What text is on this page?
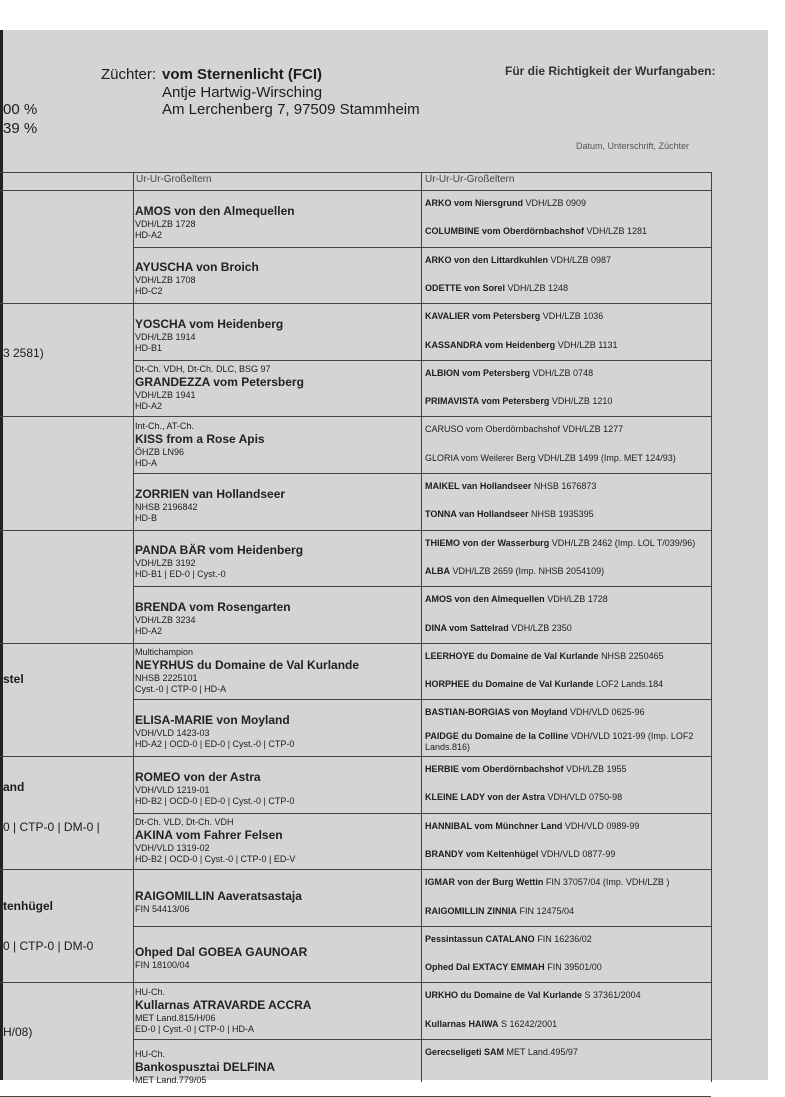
Züchter: vom Sternenlicht (FCI)
Antje Hartwig-Wirsching
Am Lerchenberg 7, 97509 Stammheim
00 %
39 %
Für die Richtigkeit der Wurfangaben:
Datum, Unterschrift, Züchter
Ur-Ur-Großeltern	Ur-Ur-Ur-Großeltern
AMOS von den Almequellen
VDH/LZB 1728
HD-A2
AYUSCHA von Broich
VDH/LZB 1708
HD-C2
YOSCHA vom Heidenberg
VDH/LZB 1914
HD-B1
Dt-Ch. VDH, Dt-Ch. DLC, BSG 97
GRANDEZZA vom Petersberg
VDH/LZB 1941
HD-A2
Int-Ch., AT-Ch.
KISS from a Rose Apis
ÖHZB LN96
HD-A
ZORRIEN van Hollandseer
NHSB 2196842
HD-B
PANDA BÄR vom Heidenberg
VDH/LZB 3192
HD-B1 | ED-0 | Cyst.-0
BRENDA vom Rosengarten
VDH/LZB 3234
HD-A2
Multichampion
NEYRHUS du Domaine de Val Kurlande
NHSB 2225101
Cyst.-0 | CTP-0 | HD-A
ELISA-MARIE von Moyland
VDH/VLD 1423-03
HD-A2 | OCD-0 | ED-0 | Cyst.-0 | CTP-0
ROMEO von der Astra
VDH/VLD 1219-01
HD-B2 | OCD-0 | ED-0 | Cyst.-0 | CTP-0
Dt-Ch. VLD, Dt-Ch. VDH
AKINA vom Fahrer Felsen
VDH/VLD 1319-02
HD-B2 | OCD-0 | Cyst.-0 | CTP-0 | ED-V
RAIGOMILLIN Aaveratsastaja
FIN 54413/06
Ohped Dal GOBEA GAUNOAR
FIN 18100/04
HU-Ch.
Kullarnas ATRAVARDE ACCRA
MET Land.815/H/06
ED-0 | Cyst.-0 | CTP-0 | HD-A
HU-Ch.
Bankospusztai DELFINA
MET Land.779/05
ARKO vom Niersgrund VDH/LZB 0909
COLUMBINE vom Oberdörnbachshof VDH/LZB 1281
ARKO von den Littardkuhlen VDH/LZB 0987
ODETTE von Sorel VDH/LZB 1248
KAVALIER vom Petersberg VDH/LZB 1036
KASSANDRA vom Heidenberg VDH/LZB 1131
ALBION vom Petersberg VDH/LZB 0748
PRIMAVISTA vom Petersberg VDH/LZB 1210
CARUSO vom Oberdörnbachshof VDH/LZB 1277
GLORIA vom Weilerer Berg VDH/LZB 1499 (Imp. MET 124/93)
MAIKEL van Hollandseer NHSB 1676873
TONNA van Hollandseer NHSB 1935395
THIEMO von der Wasserburg VDH/LZB 2462 (Imp. LOL T/039/96)
ALBA VDH/LZB 2659 (Imp. NHSB 2054109)
AMOS von den Almequellen VDH/LZB 1728
DINA vom Sattelrad VDH/LZB 2350
LEERHOYE du Domaine de Val Kurlande NHSB 2250465
HORPHEE du Domaine de Val Kurlande LOF2 Lands.184
BASTIAN-BORGIAS von Moyland VDH/VLD 0625-96
PAIDGE du Domaine de la Colline VDH/VLD 1021-99 (Imp. LOF2 Lands.816)
HERBIE vom Oberdörnbachshof VDH/LZB 1955
KLEINE LADY von der Astra VDH/VLD 0750-98
HANNIBAL vom Münchner Land VDH/VLD 0989-99
BRANDY vom Keltenhügel VDH/VLD 0877-99
IGMAR von der Burg Wettin FIN 37057/04 (Imp. VDH/LZB )
RAIGOMILLIN ZINNIA FIN 12475/04
Pessintassun CATALANO FIN 16236/02
Ophed Dal EXTACY EMMAH FIN 39501/00
URKHO du Domaine de Val Kurlande S 37361/2004
Kullarnas HAIWA S 16242/2001
Gerecseligeti SAM MET Land.495/97
3 2581)
stel
and
0 | CTP-0 | DM-0 |
tenhügel
0 | CTP-0 | DM-0
H/08)
